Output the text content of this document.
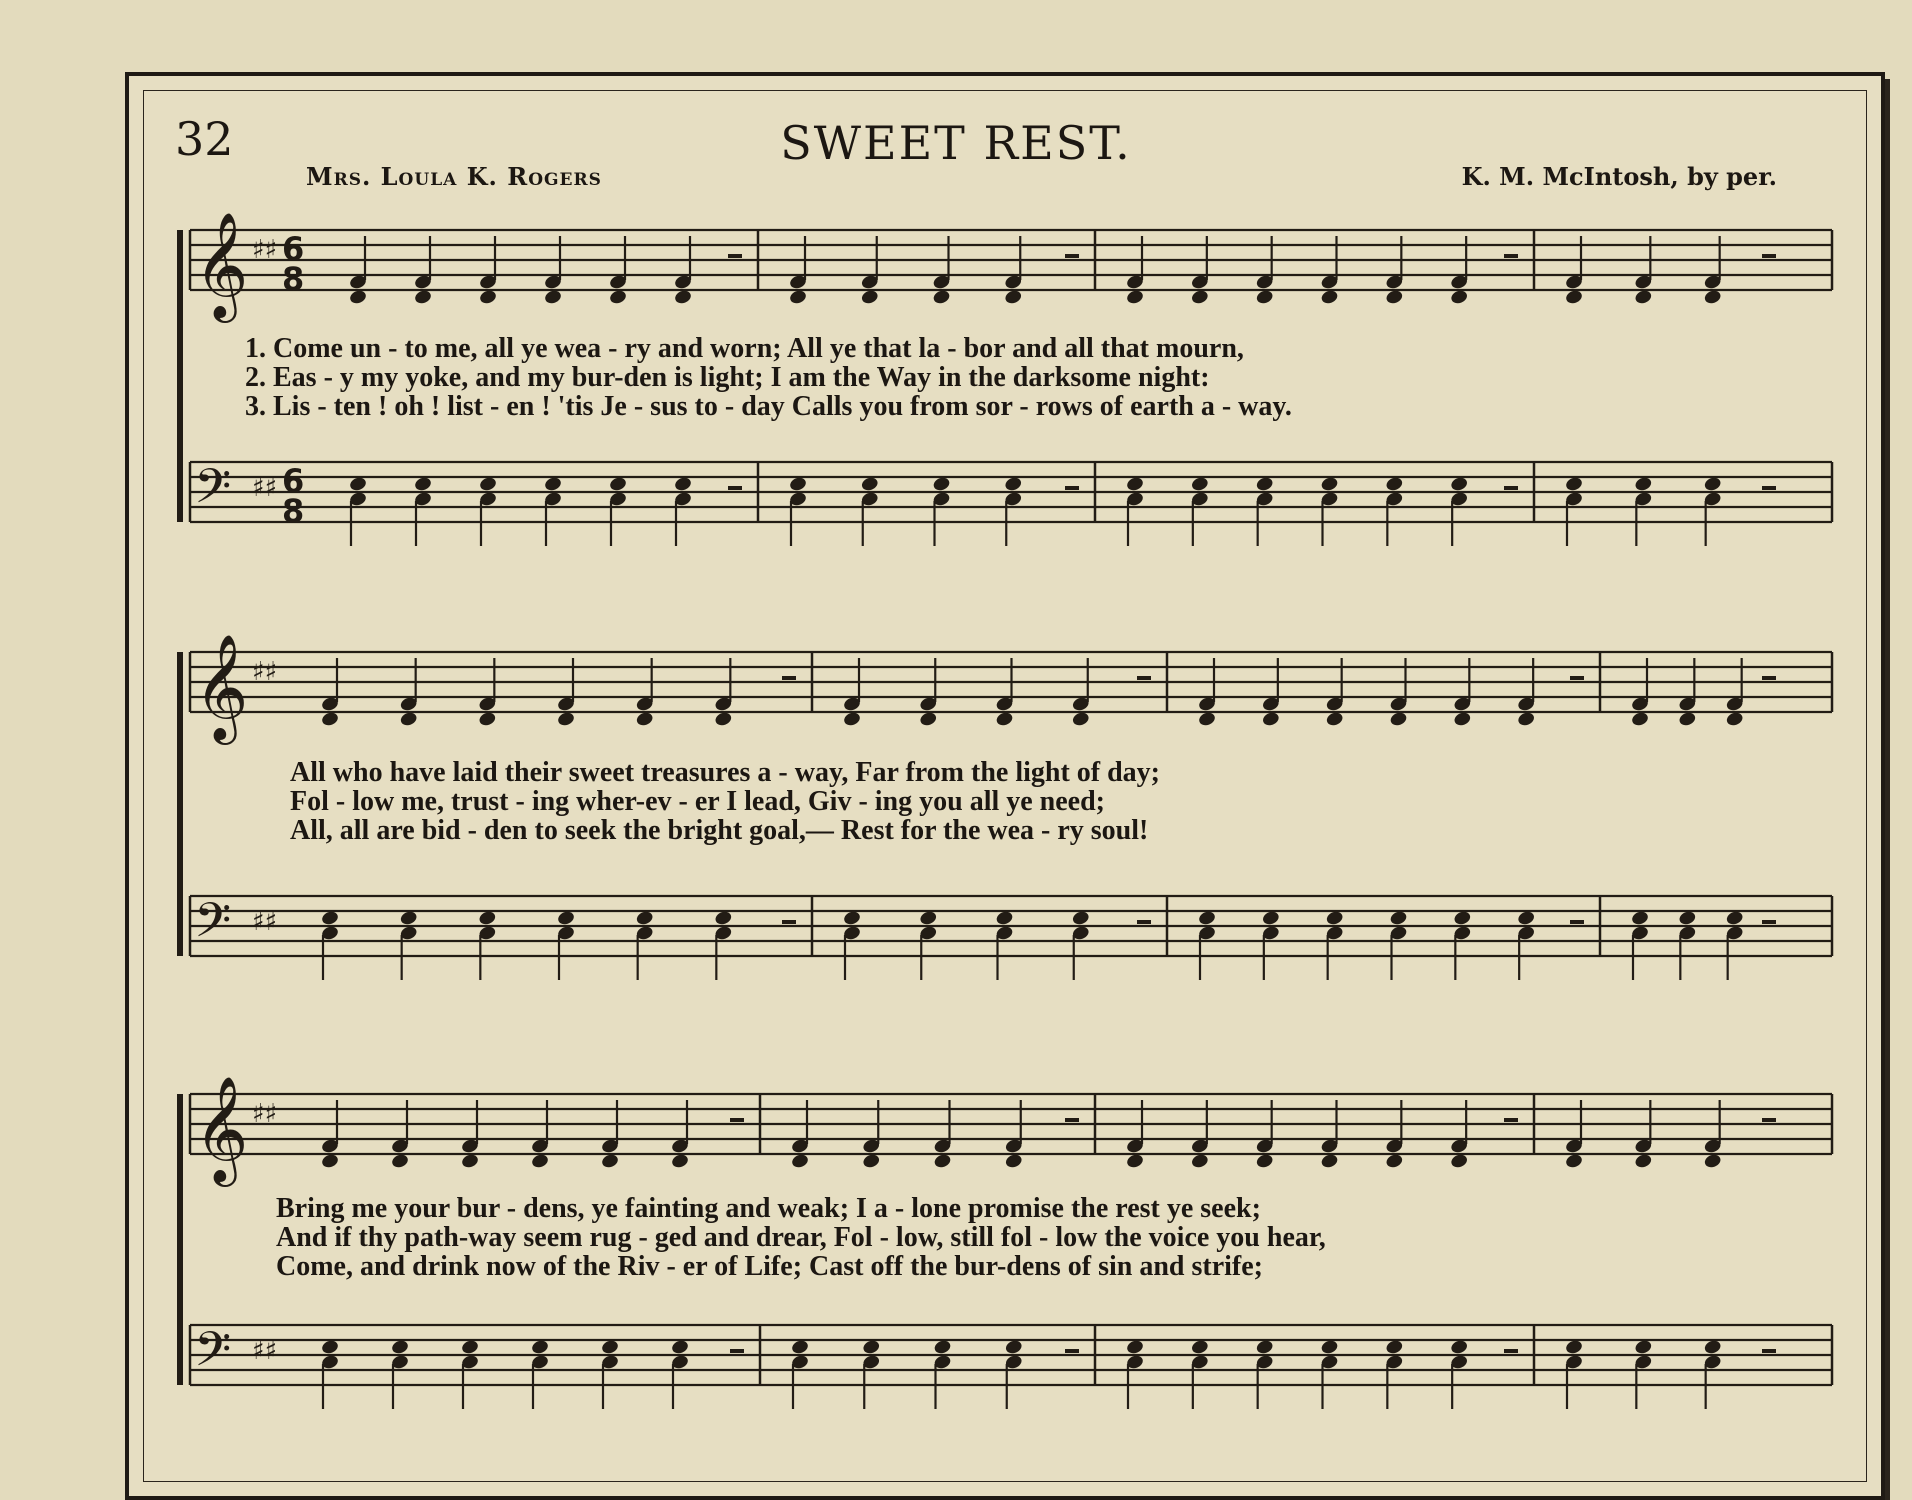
32	SWEET REST.
Mrs. Loula K. Rogers	K. M. McIntosh, by per.
𝄞 ♯♯ 6
8
𝄢 ♯♯ 6
8
𝄞 ♯♯
𝄢 ♯♯
𝄞 ♯♯
𝄢 ♯♯
1. Come un - to me, all ye wea - ry and worn; All ye that la - bor and all that mourn,
2. Eas - y my yoke, and my bur-den is light; I am the Way in the darksome night:
3. Lis - ten ! oh ! list - en ! 'tis Je - sus to - day Calls you from sor - rows of earth a - way.
All who have laid their sweet treasures a - way, Far from the light of day;
Fol - low me, trust - ing wher-ev - er I lead, Giv - ing you all ye need;
All, all are bid - den to seek the bright goal,— Rest for the wea - ry soul!
Bring me your bur - dens, ye fainting and weak; I a - lone promise the rest ye seek;
And if thy path-way seem rug - ged and drear, Fol - low, still fol - low the voice you hear,
Come, and drink now of the Riv - er of Life; Cast off the bur-dens of sin and strife;
